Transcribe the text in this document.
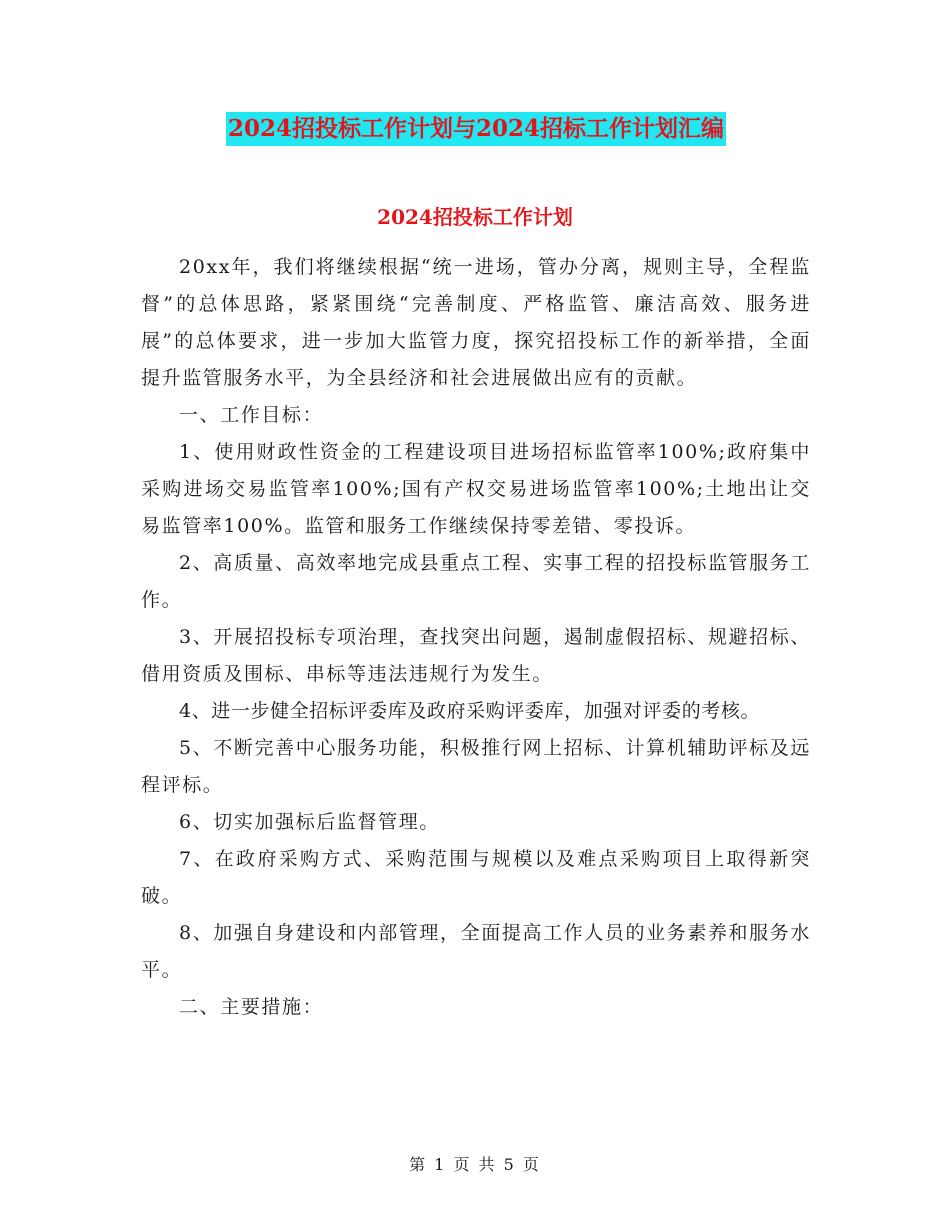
2024招投标工作计划与2024招标工作计划汇编
2024招投标工作计划

20xx年，我们将继续根据“统一进场，管办分离，规则主导，全程监督”的总体思路，紧紧围绕“完善制度、严格监管、廉洁高效、服务进展”的总体要求，进一步加大监管力度，探究招投标工作的新举措，全面提升监管服务水平，为全县经济和社会进展做出应有的贡献。

一、工作目标：

1、使用财政性资金的工程建设项目进场招标监管率100%;政府集中采购进场交易监管率100%;国有产权交易进场监管率100%;土地出让交易监管率100%。监管和服务工作继续保持零差错、零投诉。

2、高质量、高效率地完成县重点工程、实事工程的招投标监管服务工作。

3、开展招投标专项治理，查找突出问题，遏制虚假招标、规避招标、借用资质及围标、串标等违法违规行为发生。

4、进一步健全招标评委库及政府采购评委库，加强对评委的考核。

5、不断完善中心服务功能，积极推行网上招标、计算机辅助评标及远程评标。

6、切实加强标后监督管理。

7、在政府采购方式、采购范围与规模以及难点采购项目上取得新突破。

8、加强自身建设和内部管理，全面提高工作人员的业务素养和服务水平。

二、主要措施：

第 1 页 共 5 页
